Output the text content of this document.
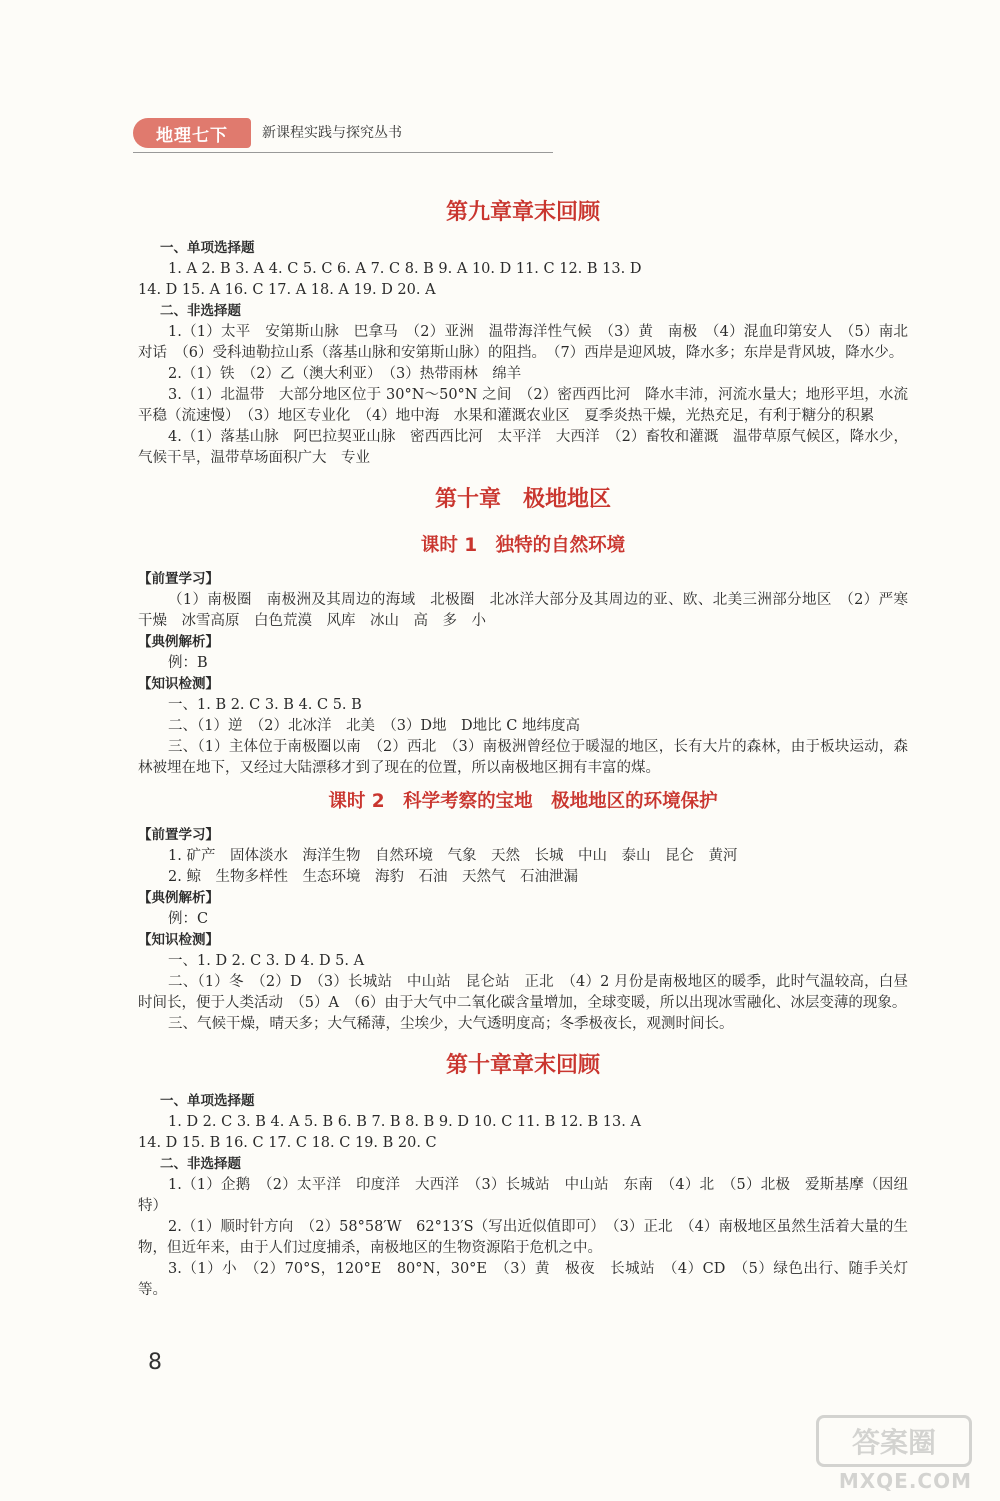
地理七下	新课程实践与探究丛书

第九章章末回顾

一、单项选择题

1. A 2. B 3. A 4. C 5. C 6. A 7. C 8. B 9. A 10. D 11. C 12. B 13. D

14. D 15. A 16. C 17. A 18. A 19. D 20. A

二、非选择题

1.（1）太平　安第斯山脉　巴拿马　（2）亚洲　温带海洋性气候　（3）黄　南极　（4）混血印第安人　（5）南北对话　（6）受科迪勒拉山系（落基山脉和安第斯山脉）的阻挡。　（7）西岸是迎风坡，降水多；东岸是背风坡，降水少。

2.（1）铁　（2）乙（澳大利亚）　（3）热带雨林　绵羊

3.（1）北温带　大部分地区位于 30°N～50°N 之间　（2）密西西比河　降水丰沛，河流水量大；地形平坦，水流平稳（流速慢）　（3）地区专业化　（4）地中海　水果和灌溉农业区　夏季炎热干燥，光热充足，有利于糖分的积累

4.（1）落基山脉　阿巴拉契亚山脉　密西西比河　太平洋　大西洋　（2）畜牧和灌溉　温带草原气候区，降水少，气候干旱，温带草场面积广大　专业

第十章　极地地区

课时 1　独特的自然环境

【前置学习】

（1）南极圈　南极洲及其周边的海域　北极圈　北冰洋大部分及其周边的亚、欧、北美三洲部分地区　（2）严寒　干燥　冰雪高原　白色荒漠　风库　冰山　高　多　小

【典例解析】

例：B

【知识检测】

一、1. B 2. C 3. B 4. C 5. B

二、（1）逆　（2）北冰洋　北美　（3）D地　D地比 C 地纬度高

三、（1）主体位于南极圈以南　（2）西北　（3）南极洲曾经位于暖湿的地区，长有大片的森林，由于板块运动，森林被埋在地下，又经过大陆漂移才到了现在的位置，所以南极地区拥有丰富的煤。

课时 2　科学考察的宝地　极地地区的环境保护

【前置学习】

1. 矿产　固体淡水　海洋生物　自然环境　气象　天然　长城　中山　泰山　昆仑　黄河

2. 鲸　生物多样性　生态环境　海豹　石油　天然气　石油泄漏

【典例解析】

例：C

【知识检测】

一、1. D 2. C 3. D 4. D 5. A

二、（1）冬　（2）D　（3）长城站　中山站　昆仑站　正北　（4）2 月份是南极地区的暖季，此时气温较高，白昼时间长，便于人类活动　（5）A　（6）由于大气中二氧化碳含量增加，全球变暖，所以出现冰雪融化、冰层变薄的现象。

三、气候干燥，晴天多；大气稀薄，尘埃少，大气透明度高；冬季极夜长，观测时间长。

第十章章末回顾

一、单项选择题

1. D 2. C 3. B 4. A 5. B 6. B 7. B 8. B 9. D 10. C 11. B 12. B 13. A

14. D 15. B 16. C 17. C 18. C 19. B 20. C

二、非选择题

1.（1）企鹅　（2）太平洋　印度洋　大西洋　（3）长城站　中山站　东南　（4）北　（5）北极　爱斯基摩（因纽特）

2.（1）顺时针方向　（2）58°58′W　62°13′S（写出近似值即可）　（3）正北　（4）南极地区虽然生活着大量的生物，但近年来，由于人们过度捕杀，南极地区的生物资源陷于危机之中。

3.（1）小　（2）70°S，120°E　80°N，30°E　（3）黄　极夜　长城站　（4）CD　（5）绿色出行、随手关灯等。

8
答案圈
MXQE.COM
